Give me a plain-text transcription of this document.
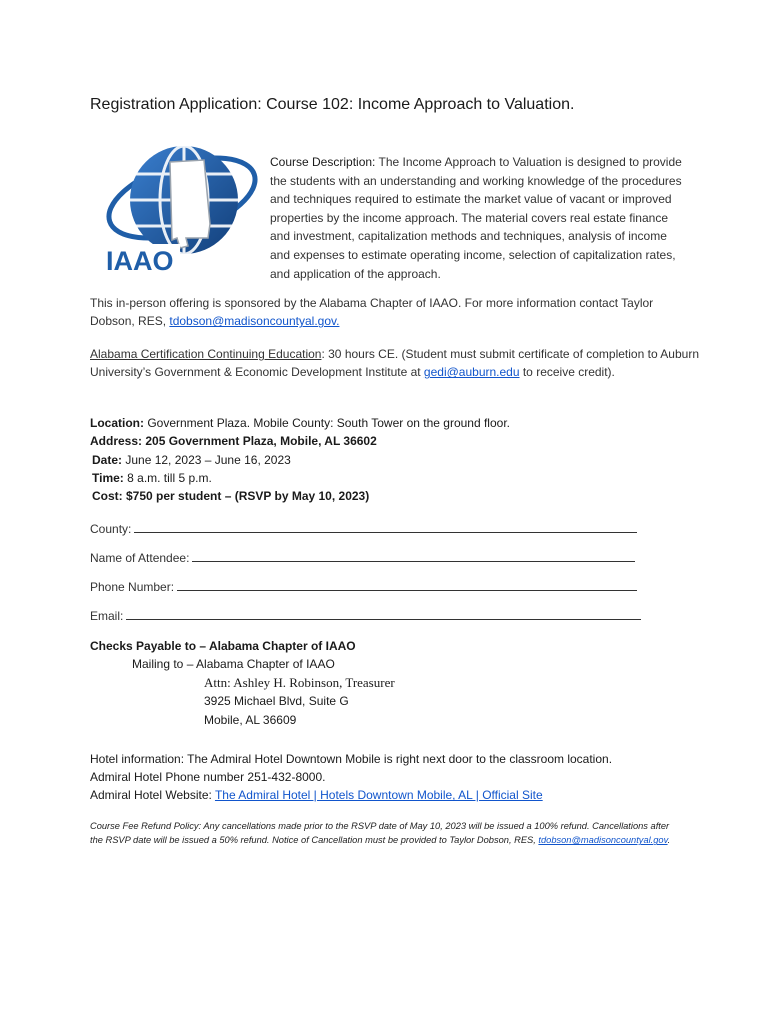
Registration Application: Course 102: Income Approach to Valuation.
IAAO
Course Description: The Income Approach to Valuation is designed to provide the students with an understanding and working knowledge of the procedures and techniques required to estimate the market value of vacant or improved properties by the income approach. The material covers real estate finance and investment, capitalization methods and techniques, analysis of income and expenses to estimate operating income, selection of capitalization rates, and application of the approach.
This in-person offering is sponsored by the Alabama Chapter of IAAO. For more information contact Taylor Dobson, RES, tdobson@madisoncountyal.gov.
Alabama Certification Continuing Education: 30 hours CE. (Student must submit certificate of completion to Auburn University’s Government & Economic Development Institute at gedi@auburn.edu to receive credit).
Location: Government Plaza. Mobile County: South Tower on the ground floor.
Address: 205 Government Plaza, Mobile, AL 36602
Date: June 12, 2023 – June 16, 2023
Time: 8 a.m. till 5 p.m.
Cost: $750 per student – (RSVP by May 10, 2023)
County:
Name of Attendee:
Phone Number:
Email:
Checks Payable to – Alabama Chapter of IAAO
Mailing to – Alabama Chapter of IAAO
Attn: Ashley H. Robinson, Treasurer
3925 Michael Blvd, Suite G
Mobile, AL 36609
Hotel information: The Admiral Hotel Downtown Mobile is right next door to the classroom location.
Admiral Hotel Phone number 251-432-8000.
Admiral Hotel Website: The Admiral Hotel | Hotels Downtown Mobile, AL | Official Site
Course Fee Refund Policy: Any cancellations made prior to the RSVP date of May 10, 2023 will be issued a 100% refund. Cancellations after the RSVP date will be issued a 50% refund. Notice of Cancellation must be provided to Taylor Dobson, RES, tdobson@madisoncountyal.gov.
